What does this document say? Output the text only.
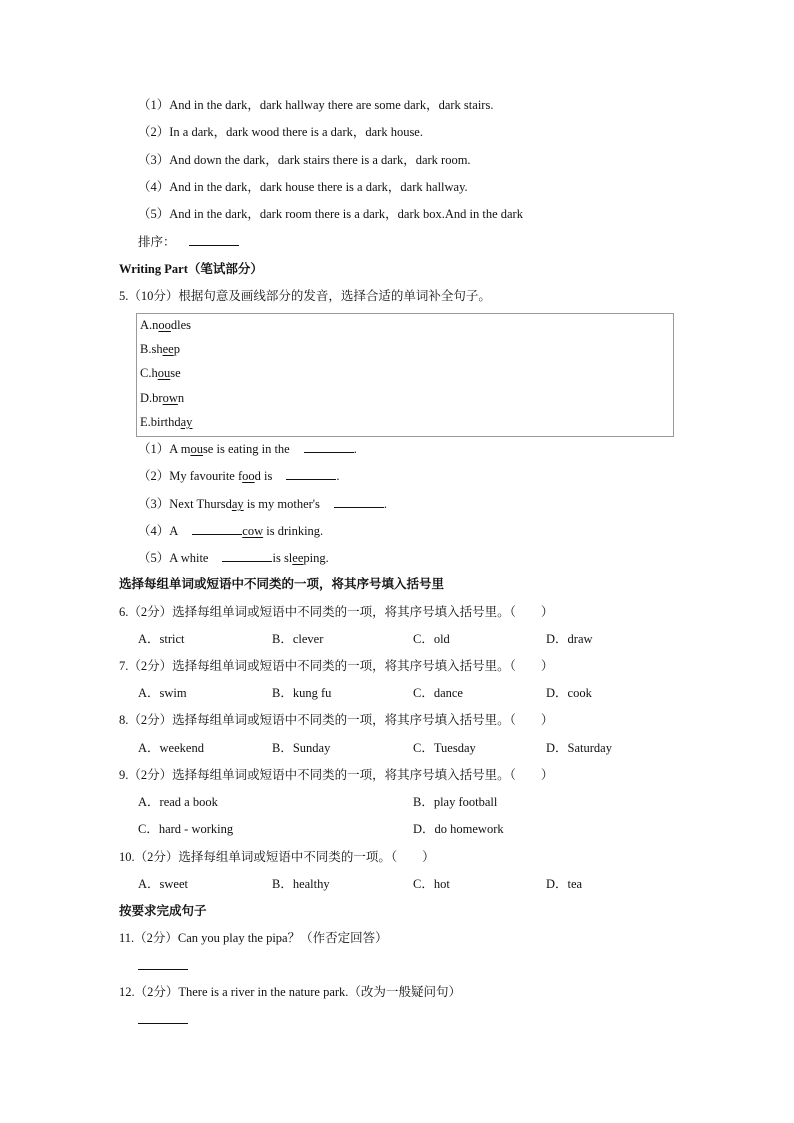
（1）And in the dark，dark hallway there are some dark，dark stairs.
（2）In a dark，dark wood there is a dark，dark house.
（3）And down the dark，dark stairs there is a dark，dark room.
（4）And in the dark，dark house there is a dark，dark hallway.
（5）And in the dark，dark room there is a dark，dark box.And in the dark
排序：
Writing Part（笔试部分）
5.（10分）根据句意及画线部分的发音，选择合适的单词补全句子。
A.noodles
B.sheep
C.house
D.brown
E.birthday
（1）A mouse is eating in the	.
（2）My favourite food is	.
（3）Next Thursday is my mother's	.
（4）A	cow is drinking.
（5）A white	is sleeping.
选择每组单词或短语中不同类的一项，将其序号填入括号里
6.（2分）选择每组单词或短语中不同类的一项，将其序号填入括号里。（　　）
A．strict	B．clever	C．old	D．draw
7.（2分）选择每组单词或短语中不同类的一项，将其序号填入括号里。（　　）
A．swim	B．kung fu	C．dance	D．cook
8.（2分）选择每组单词或短语中不同类的一项，将其序号填入括号里。（　　）
A．weekend	B．Sunday	C．Tuesday	D．Saturday
9.（2分）选择每组单词或短语中不同类的一项，将其序号填入括号里。（　　）
A．read a book	B．play football
C．hard - working	D．do homework
10.（2分）选择每组单词或短语中不同类的一项。（　　）
A．sweet	B．healthy	C．hot	D．tea
按要求完成句子
11.（2分）Can you play the pipa？（作否定回答）
12.（2分）There is a river in the nature park.（改为一般疑问句）
